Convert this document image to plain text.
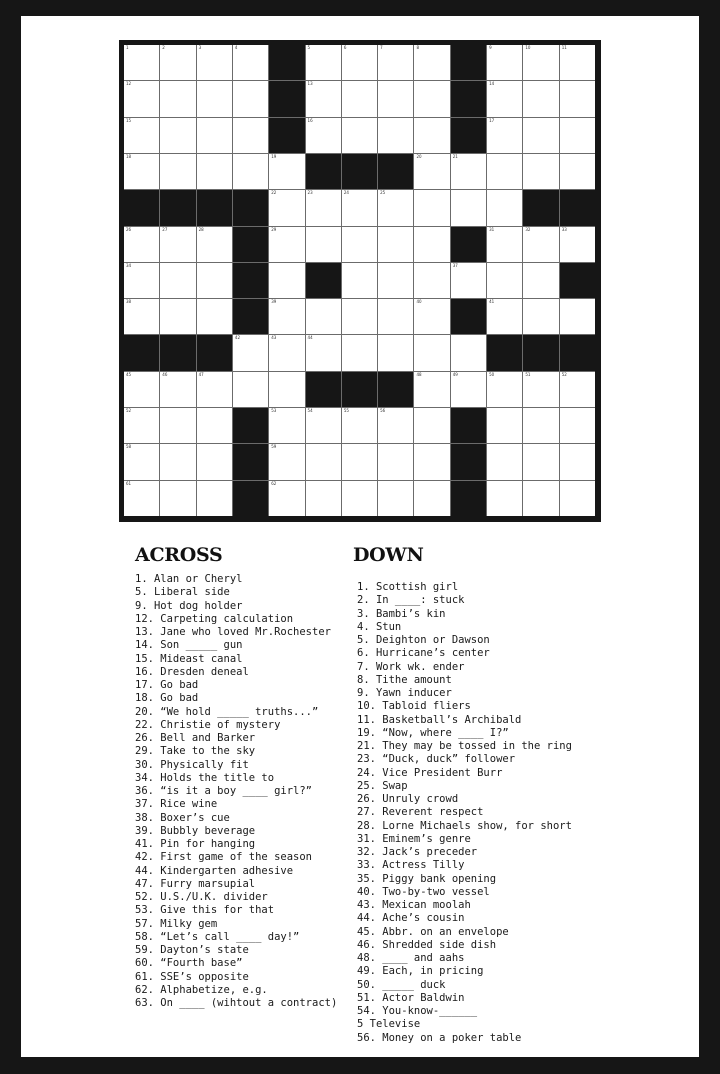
1	2	3	4	5	6	7	8	9	10	11
12	13	14
15	16	17
18	19	20	21
22	23	24	25
26	27	28	29	31	32	33
34	37
38	39	40	41
42	43	44
45	46	47	48	49	50	51	52
52	53	54	55	56
58	59
61	62
ACROSS
1. Alan or Cheryl
5. Liberal side
9. Hot dog holder
12. Carpeting calculation
13. Jane who loved Mr.Rochester
14. Son _____ gun
15. Mideast canal
16. Dresden deneal
17. Go bad
18. Go bad
20. “We hold _____ truths...”
22. Christie of mystery
26. Bell and Barker
29. Take to the sky
30. Physically fit
34. Holds the title to
36. “is it a boy ____ girl?”
37. Rice wine
38. Boxer’s cue
39. Bubbly beverage
41. Pin for hanging
42. First game of the season
44. Kindergarten adhesive
47. Furry marsupial
52. U.S./U.K. divider
53. Give this for that
57. Milky gem
58. “Let’s call ____ day!”
59. Dayton’s state
60. “Fourth base”
61. SSE’s opposite
62. Alphabetize, e.g.
63. On ____ (wihtout a contract)
DOWN
1. Scottish girl
2. In ____: stuck
3. Bambi’s kin
4. Stun
5. Deighton or Dawson
6. Hurricane’s center
7. Work wk. ender
8. Tithe amount
9. Yawn inducer
10. Tabloid fliers
11. Basketball’s Archibald
19. “Now, where ____ I?”
21. They may be tossed in the ring
23. “Duck, duck” follower
24. Vice President Burr
25. Swap
26. Unruly crowd
27. Reverent respect
28. Lorne Michaels show, for short
31. Eminem’s genre
32. Jack’s preceder
33. Actress Tilly
35. Piggy bank opening
40. Two-by-two vessel
43. Mexican moolah
44. Ache’s cousin
45. Abbr. on an envelope
46. Shredded side dish
48. ____ and aahs
49. Each, in pricing
50. _____ duck
51. Actor Baldwin
54. You-know-______
5 Televise
56. Money on a poker table
